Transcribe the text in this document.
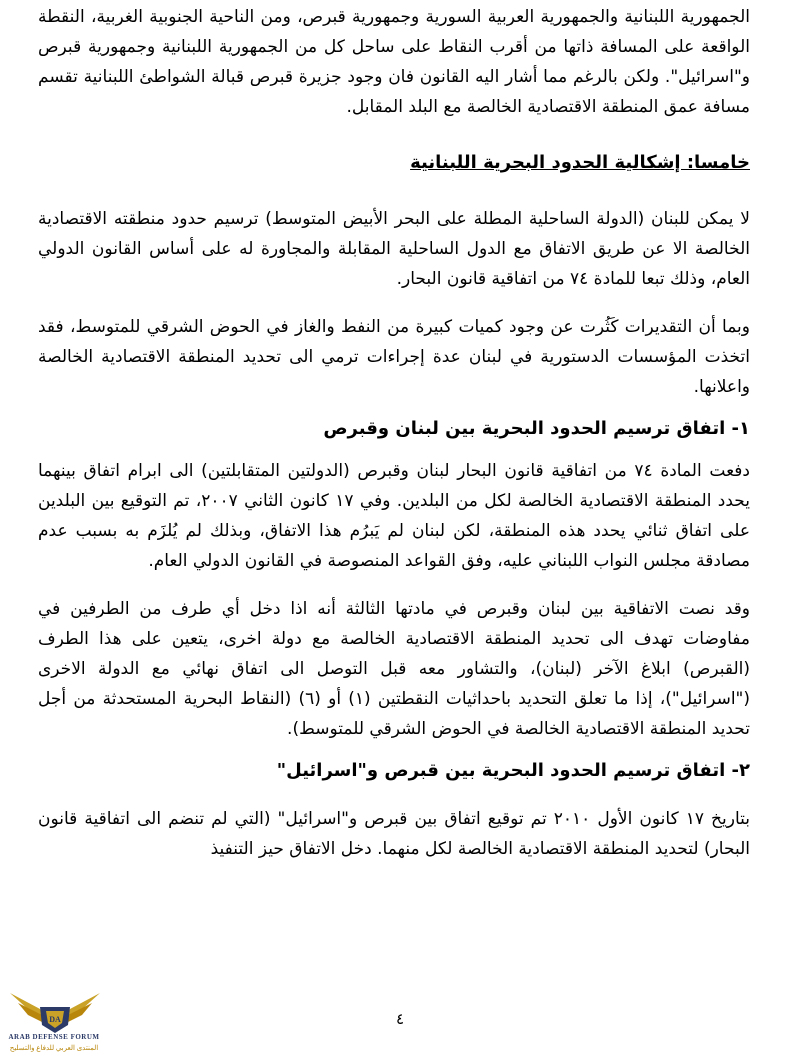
الجمهورية اللبنانية والجمهورية العربية السورية وجمهورية قبرص، ومن الناحية الجنوبية الغربية، النقطة الواقعة على المسافة ذاتها من أقرب النقاط على ساحل كل من الجمهورية اللبنانية وجمهورية قبرص و"اسرائيل". ولكن بالرغم مما أشار اليه القانون فان وجود جزيرة قبرص قبالة الشواطئ اللبنانية تقسم مسافة عمق المنطقة الاقتصادية الخالصة مع البلد المقابل.

خامسا: إشكالية الحدود البحرية اللبنانية

لا يمكن للبنان (الدولة الساحلية المطلة على البحر الأبيض المتوسط) ترسيم حدود منطقته الاقتصادية الخالصة الا عن طريق الاتفاق مع الدول الساحلية المقابلة والمجاورة له على أساس القانون الدولي العام، وذلك تبعا للمادة ٧٤ من اتفاقية قانون البحار.

وبما أن التقديرات كَثُرت عن وجود كميات كبيرة من النفط والغاز في الحوض الشرقي للمتوسط، فقد اتخذت المؤسسات الدستورية في لبنان عدة إجراءات ترمي الى تحديد المنطقة الاقتصادية الخالصة واعلانها.

١- اتفاق ترسيم الحدود البحرية بين لبنان وقبرص

دفعت المادة ٧٤ من اتفاقية قانون البحار لبنان وقبرص (الدولتين المتقابلتين) الى ابرام اتفاق بينهما يحدد المنطقة الاقتصادية الخالصة لكل من البلدين. وفي ١٧ كانون الثاني ٢٠٠٧، تم التوقيع بين البلدين على اتفاق ثنائي يحدد هذه المنطقة، لكن لبنان لم يَبرُم هذا الاتفاق، وبذلك لم يُلزَم به بسبب عدم مصادقة مجلس النواب اللبناني عليه، وفق القواعد المنصوصة في القانون الدولي العام.

وقد نصت الاتفاقية بين لبنان وقبرص في مادتها الثالثة أنه اذا دخل أي طرف من الطرفين في مفاوضات تهدف الى تحديد المنطقة الاقتصادية الخالصة مع دولة اخرى، يتعين على هذا الطرف (القبرص) ابلاغ الآخر (لبنان)، والتشاور معه قبل التوصل الى اتفاق نهائي مع الدولة الاخرى ("اسرائيل")، إذا ما تعلق التحديد باحداثيات النقطتين (١) أو (٦) (النقاط البحرية المستحدثة من أجل تحديد المنطقة الاقتصادية الخالصة في الحوض الشرقي للمتوسط).

٢- اتفاق ترسيم الحدود البحرية بين قبرص و"اسرائيل"

بتاريخ ١٧ كانون الأول ٢٠١٠ تم توقيع اتفاق بين قبرص و"اسرائيل" (التي لم تنضم الى اتفاقية قانون البحار) لتحديد المنطقة الاقتصادية الخالصة لكل منهما. دخل الاتفاق حيز التنفيذ

٤
DA
ARAB DEFENSE FORUM
المنتدى العربي للدفاع والتسليح
